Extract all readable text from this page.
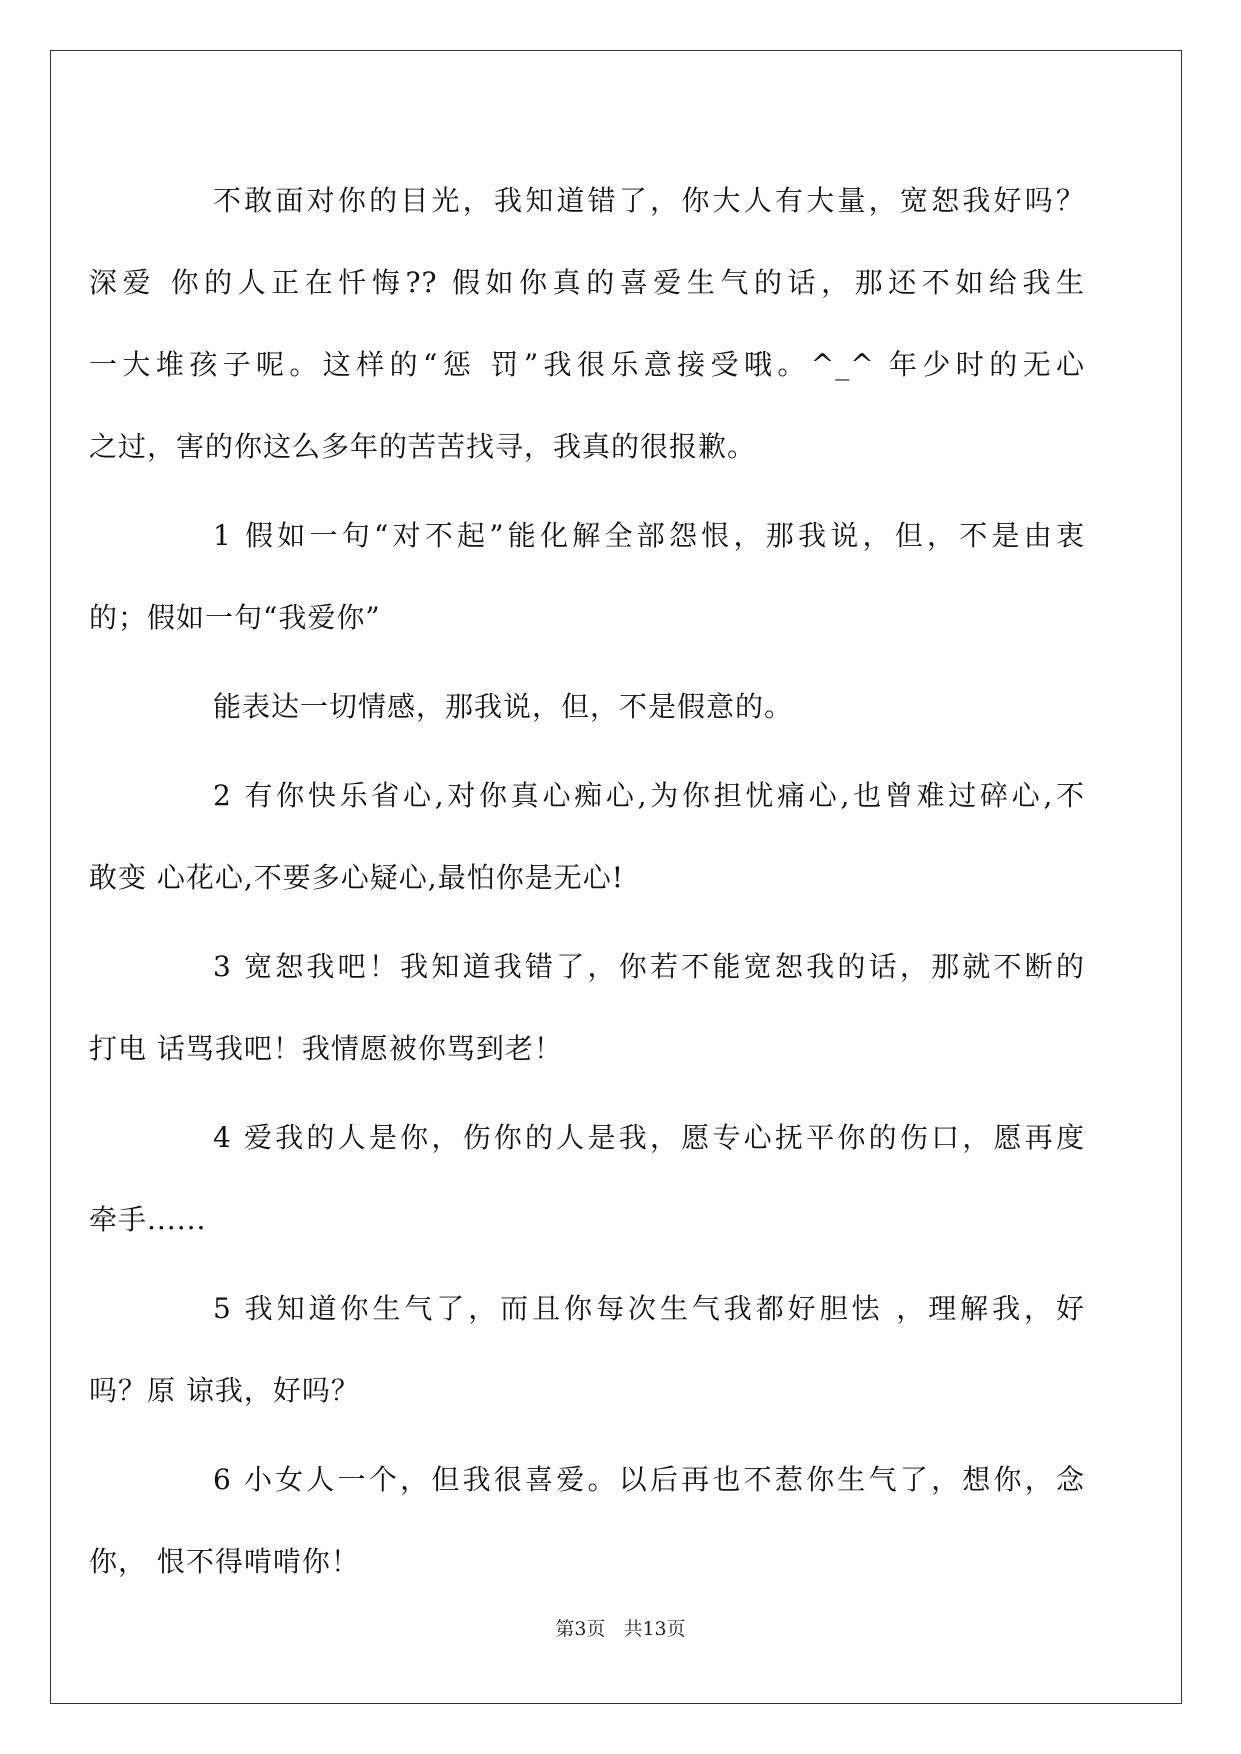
不敢面对你的目光，我知道错了，你大人有大量，宽恕我好吗？
深爱 你的人正在忏悔?? 假如你真的喜爱生气的话，那还不如给我生
一大堆孩子呢。这样的“惩 罚”我很乐意接受哦。^_^ 年少时的无心
之过，害的你这么多年的苦苦找寻，我真的很报歉。

1 假如一句“对不起”能化解全部怨恨，那我说，但，不是由衷
的；假如一句“我爱你”

能表达一切情感，那我说，但，不是假意的。

2 有你快乐省心,对你真心痴心,为你担忧痛心,也曾难过碎心,不
敢变 心花心,不要多心疑心,最怕你是无心!

3 宽恕我吧！我知道我错了，你若不能宽恕我的话，那就不断的
打电 话骂我吧！我情愿被你骂到老！

4 爱我的人是你，伤你的人是我，愿专心抚平你的伤口，愿再度
牵手......

5 我知道你生气了，而且你每次生气我都好胆怯 ，理解我，好
吗？原 谅我，好吗？

6 小女人一个，但我很喜爱。以后再也不惹你生气了，想你，念
你， 恨不得啃啃你！

第3页 共13页
